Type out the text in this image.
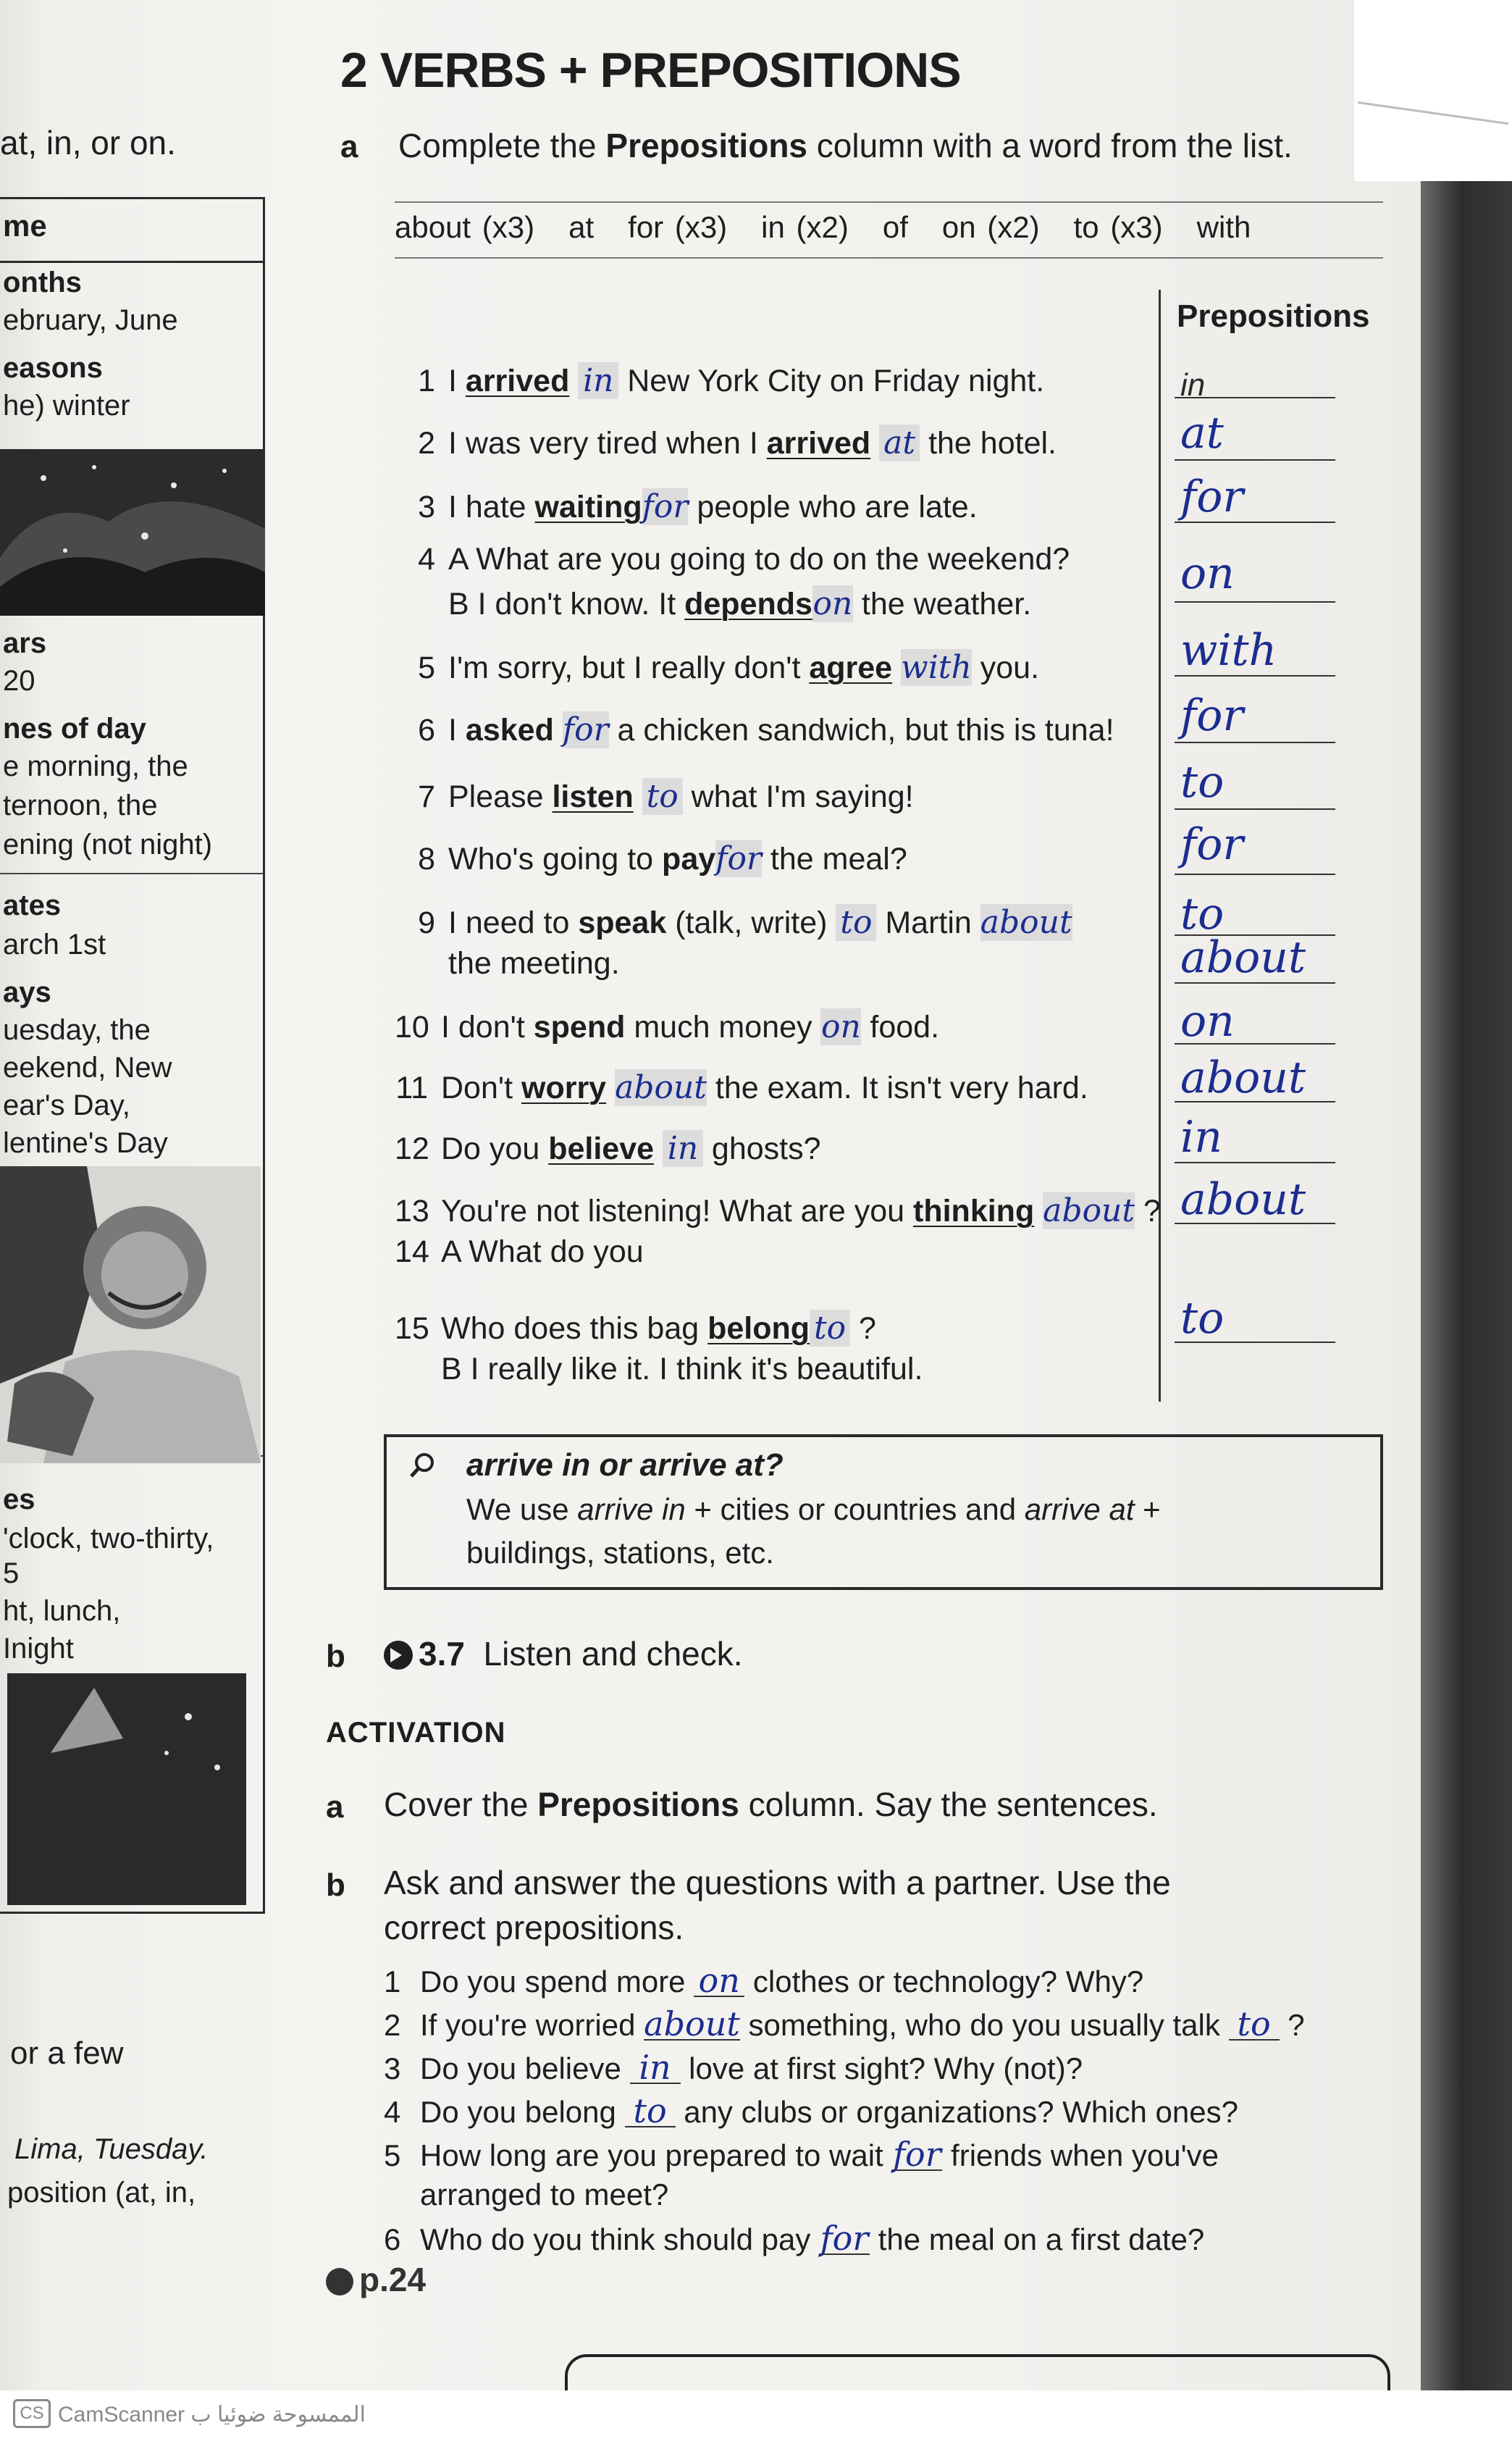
at, in, or on.
me
onths
ebruary, June
easons
he) winter
ars
20
nes of day
e morning, the
ternoon, the
ening (not night)
ates
arch 1st
ays
uesday, the
eekend, New
ear's Day,
lentine's Day
es
'clock, two-thirty,
5
ht, lunch,
Inight
or a few
Lima, Tuesday.
position (at, in,
2 VERBS + PREPOSITIONS
a Complete the Prepositions column with a word from the list.
about (x3)   at   for (x3)   in (x2)   of   on (x2)   to (x3)   with
Prepositions
1 I arrived in New York City on Friday night.
2 I was very tired when I arrived at the hotel.
3 I hate waitingfor people who are late.
4 A What are you going to do on the weekend?
B I don't know. It dependson the weather.
5 I'm sorry, but I really don't agree with you.
6 I asked for a chicken sandwich, but this is tuna!
7 Please listen to what I'm saying!
8 Who's going to payfor the meal?
9 I need to speak (talk, write) to Martin about
the meeting.
10 I don't spend much money on food.
11 Don't worry about the exam. It isn't very hard.
12 Do you believe in ghosts?
13 You're not listening! What are you thinking about ?
14 A What do you
B I really like it. I think it's beautiful.
15 Who does this bag belong to ?
in
at
for
on
with
for
to
for
to
about
on
about
in
about
to
arrive in or arrive at?
We use arrive in + cities or countries and arrive at +
buildings, stations, etc.
b	3.7 Listen and check.
ACTIVATION
a Cover the Prepositions column. Say the sentences.
b Ask and answer the questions with a partner. Use the
correct prepositions.
1 Do you spend more on clothes or technology? Why?
2 If you're worried about something, who do you usually talk to ?
3 Do you believe in love at first sight? Why (not)?
4 Do you belong to any clubs or organizations? Which ones?
5 How long are you prepared to wait for friends when you've
arranged to meet?
6 Who do you think should pay for the meal on a first date?
p.24
CS CamScanner الممسوحة ضوئيا ب
